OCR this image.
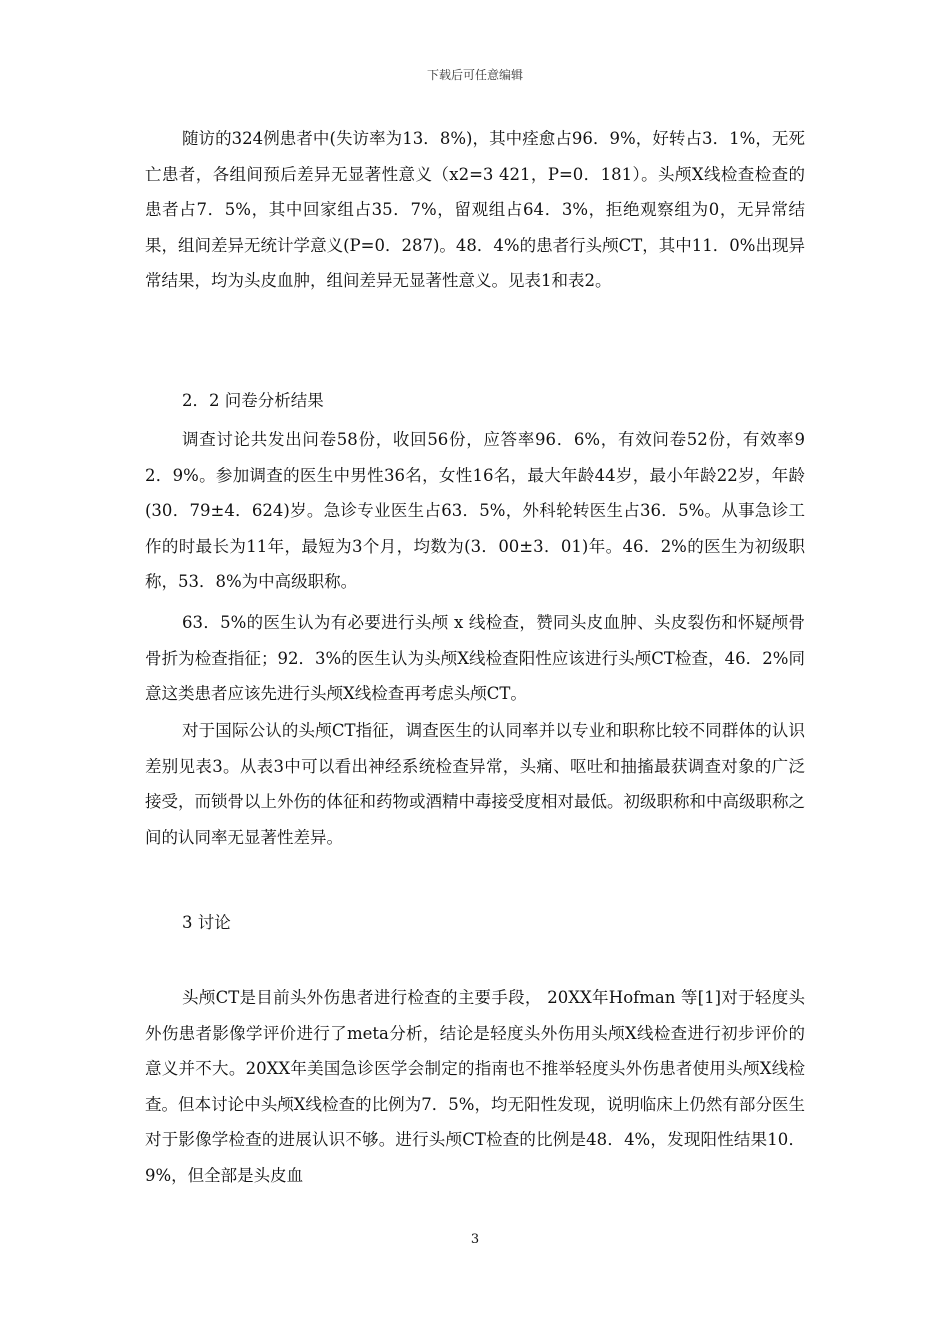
下载后可任意编辑

随访的324例患者中(失访率为13．8%)，其中痊愈占96．9%，好转占3．1%，无死亡患者，各组间预后差异无显著性意义（x2=3 421，P=0．181）。头颅X线检查检查的患者占7．5%，其中回家组占35．7%，留观组占64．3%，拒绝观察组为0，无异常结果，组间差异无统计学意义(P=0．287)。48．4%的患者行头颅CT，其中11．0%出现异常结果，均为头皮血肿，组间差异无显著性意义。见表1和表2。

2．2 问卷分析结果

调查讨论共发出问卷58份，收回56份，应答率96．6%，有效问卷52份，有效率92．9%。参加调查的医生中男性36名，女性16名，最大年龄44岁，最小年龄22岁，年龄(30．79±4．624)岁。急诊专业医生占63．5%，外科轮转医生占36．5%。从事急诊工作的时最长为11年，最短为3个月，均数为(3．00±3．01)年。46．2%的医生为初级职称，53．8%为中高级职称。

63．5%的医生认为有必要进行头颅 x 线检查，赞同头皮血肿、头皮裂伤和怀疑颅骨骨折为检查指征；92．3%的医生认为头颅X线检查阳性应该进行头颅CT检查，46．2%同意这类患者应该先进行头颅X线检查再考虑头颅CT。

对于国际公认的头颅CT指征，调查医生的认同率并以专业和职称比较不同群体的认识差别见表3。从表3中可以看出神经系统检查异常，头痛、呕吐和抽搐最获调查对象的广泛接受，而锁骨以上外伤的体征和药物或酒精中毒接受度相对最低。初级职称和中高级职称之间的认同率无显著性差异。

3 讨论

头颅CT是目前头外伤患者进行检查的主要手段， 20XX年Hofman 等[1]对于轻度头外伤患者影像学评价进行了meta分析，结论是轻度头外伤用头颅X线检查进行初步评价的意义并不大。20XX年美国急诊医学会制定的指南也不推举轻度头外伤患者使用头颅X线检查。但本讨论中头颅X线检查的比例为7．5%，均无阳性发现，说明临床上仍然有部分医生对于影像学检查的进展认识不够。进行头颅CT检查的比例是48．4%，发现阳性结果10．9%，但全部是头皮血

3
